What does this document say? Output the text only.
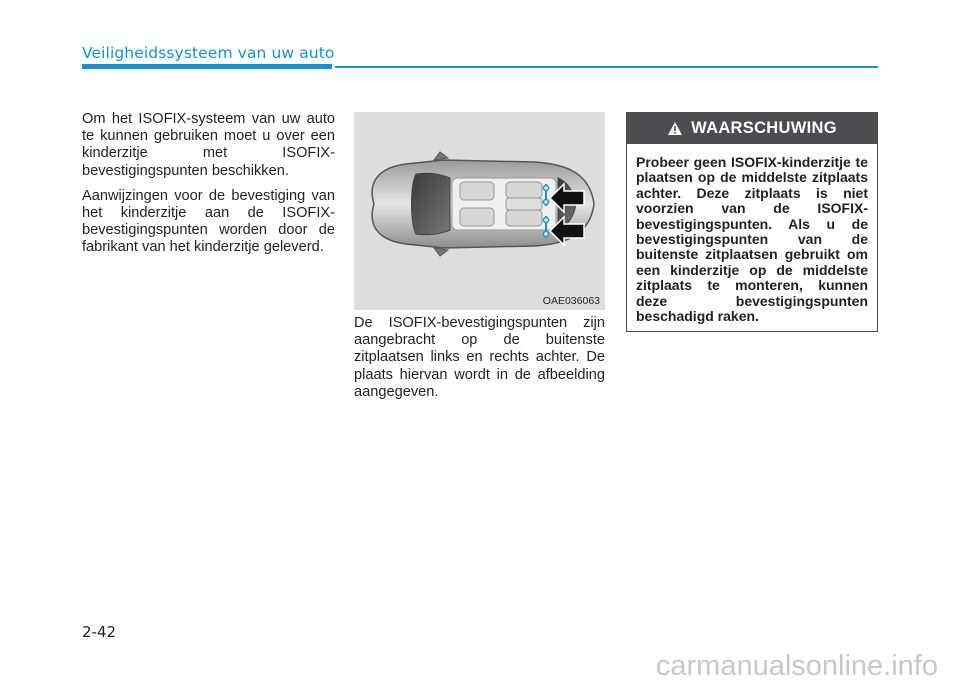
Veiligheidssysteem van uw auto

Om het ISOFIX-systeem van uw auto te kunnen gebruiken moet u over een kinderzitje met ISOFIX-bevestigingspunten beschikken.

Aanwijzingen voor de bevestiging van het kinderzitje aan de ISOFIX-bevestigingspunten worden door de fabrikant van het kinderzitje geleverd.

OAE036063

De ISOFIX-bevestigingspunten zijn aangebracht op de buitenste zitplaatsen links en rechts achter. De plaats hiervan wordt in de afbeelding aangegeven.

WAARSCHUWING
Probeer geen ISOFIX-kinderzitje te plaatsen op de middelste zitplaats achter. Deze zitplaats is niet voorzien van de ISOFIX-bevestigingspunten. Als u de bevestigingspunten van de buitenste zitplaatsen gebruikt om een kinderzitje op de middelste zitplaats te monteren, kunnen deze bevestigingspunten beschadigd raken.
2-42
carmanualsonline.info
